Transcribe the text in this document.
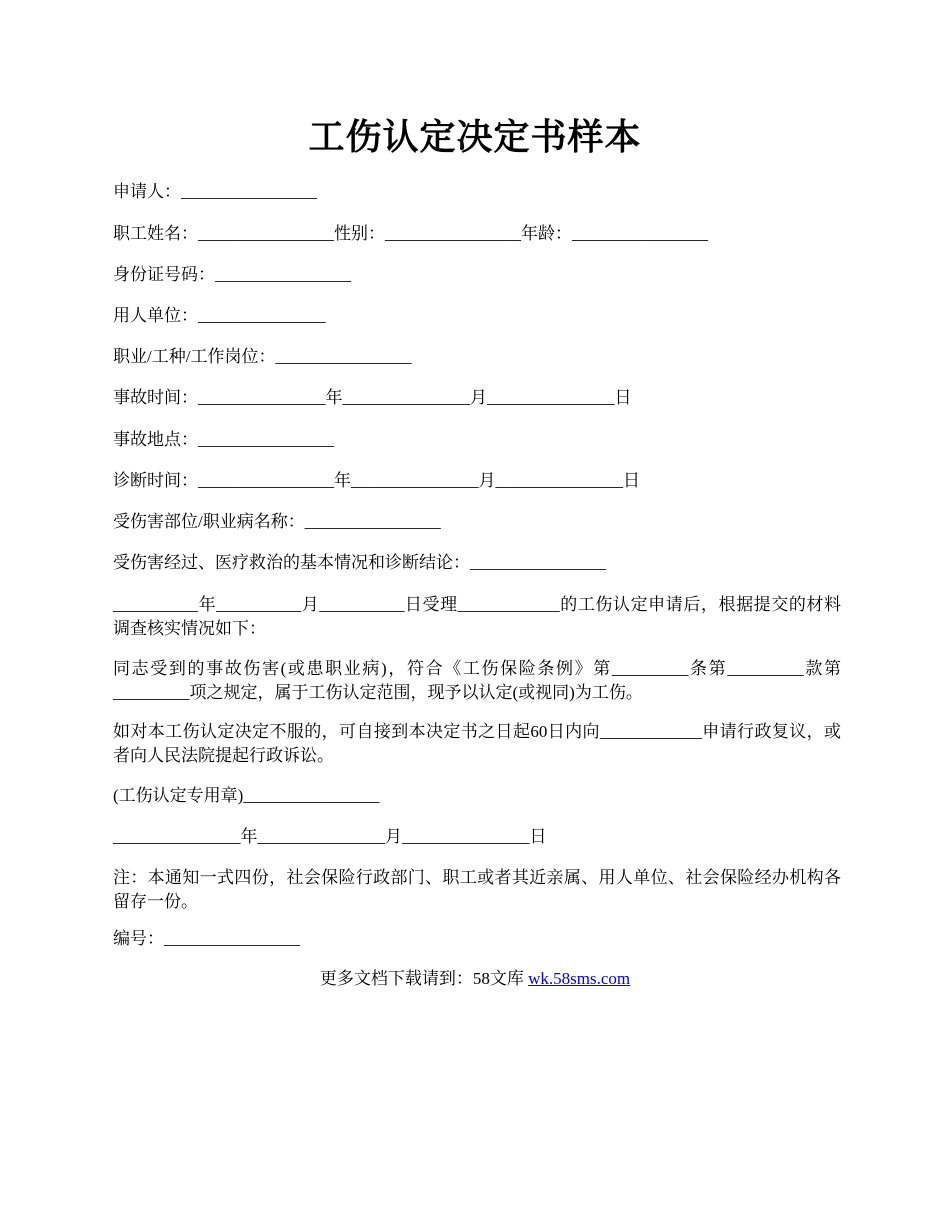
工伤认定决定书样本
申请人：________________
职工姓名：________________性别：________________年龄：________________
身份证号码：________________
用人单位：_______________
职业/工种/工作岗位：________________
事故时间：_______________年_______________月_______________日
事故地点：________________
诊断时间：________________年_______________月_______________日
受伤害部位/职业病名称：________________
受伤害经过、医疗救治的基本情况和诊断结论：________________
__________年__________月__________日受理____________的工伤认定申请后，根据提交的材料调查核实情况如下：
同志受到的事故伤害(或患职业病)，符合《工伤保险条例》第_________条第_________款第_________项之规定，属于工伤认定范围，现予以认定(或视同)为工伤。
如对本工伤认定决定不服的，可自接到本决定书之日起60日内向____________申请行政复议，或者向人民法院提起行政诉讼。
(工伤认定专用章)________________
_______________年_______________月_______________日
注：本通知一式四份，社会保险行政部门、职工或者其近亲属、用人单位、社会保险经办机构各留存一份。
编号：________________
更多文档下载请到：58文库 wk.58sms.com
